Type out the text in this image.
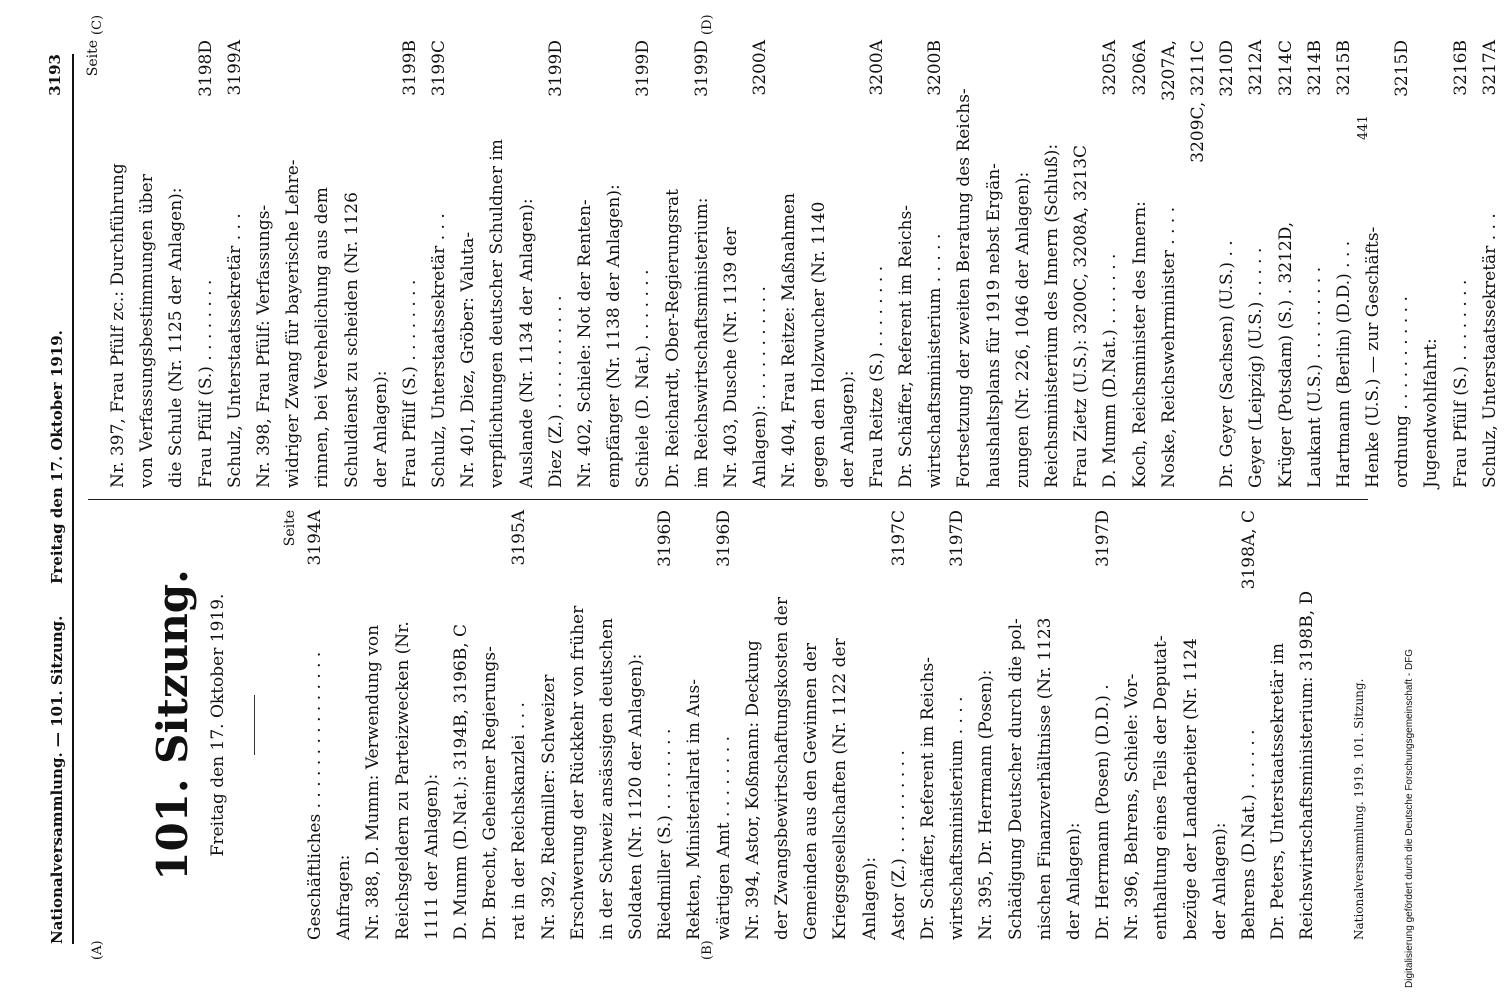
Nationalversammlung. — 101. Sitzung.
Freitag den 17. Oktober 1919.
3193
(A)	(B)
(C)	(D)
101. Sitzung. Freitag den 17. Oktober 1919.
Seite
Geschäftliches . . . . . . . . . . . . . . .
3194A
Anfragen: Nr. 388, D. Mumm: Verwendung von Reichsgeldern zu Parteizwecken (Nr. 1111 der Anlagen): D. Mumm (D.Nat.): 3194B, 3196B, C Dr. Brecht, Geheimer Regierungs- rat in der Reichskanzlei . . .
3195A
Nr. 392, Riedmiller: Schweizer Erschwerung der Rückkehr von früher in der Schweiz ansässigen deutschen Soldaten (Nr. 1120 der Anlagen): Riedmiller (S.) . . . . . . . .
3196D
Rekten, Ministerialrat im Aus- wärtigen Amt . . . . . . . .
3196D
Nr. 394, Astor, Koßmann: Deckung der Zwangsbewirtschaftungskosten der Gemeinden aus den Gewinnen der Kriegsgesellschaften (Nr. 1122 der Anlagen): Astor (Z.) . . . . . . . . . .
3197C
Dr. Schäffer, Referent im Reichs- wirtschaftsministerium . . . .
3197D
Nr. 395, Dr. Herrmann (Posen): Schädigung Deutscher durch die pol- nischen Finanzverhältnisse (Nr. 1123 der Anlagen): Dr. Herrmann (Posen) (D.D.) .
3197D
Nr. 396, Behrens, Schiele: Vor- enthaltung eines Teils der Deputat- bezüge der Landarbeiter (Nr. 1124 der Anlagen): Behrens (D.Nat.) . . . . . .
3198A, C
Dr. Peters, Unterstaatssekretär im Reichswirtschaftsministerium: 3198B, D
Seite
Nr. 397, Frau Pfülf zc.: Durchführung von Verfassungsbestimmungen über die Schule (Nr. 1125 der Anlagen): Frau Pfülf (S.) . . . . . . . .
3198D
Schulz, Unterstaatssekretär . . .
3199A
Nr. 398, Frau Pfülf: Verfassungs- widriger Zwang für bayerische Lehre- rinnen, bei Verehelichung aus dem Schuldienst zu scheiden (Nr. 1126 der Anlagen): Frau Pfülf (S.) . . . . . . . .
3199B
Schulz, Unterstaatssekretär . . .
3199C
Nr. 401, Diez, Gröber: Valuta- verpflichtungen deutscher Schuldner im Auslande (Nr. 1134 der Anlagen): Diez (Z.) . . . . . . . . . . .
3199D
Nr. 402, Schiele: Not der Renten- empfänger (Nr. 1138 der Anlagen): Schiele (D. Nat.) . . . . . . .
3199D
Dr. Reichardt, Ober-Regierungsrat im Reichswirtschaftsministerium:
3199D
Nr. 403, Dusche (Nr. 1139 der Anlagen): . . . . . . . . . . .
3200A
Nr. 404, Frau Reitze: Maßnahmen gegen den Holzwucher (Nr. 1140 der Anlagen): Frau Reitze (S.) . . . . . . . .
3200A
Dr. Schäffer, Referent im Reichs- wirtschaftsministerium . . . . .
3200B
Fortsetzung der zweiten Beratung des Reichs- haushaltsplans für 1919 nebst Ergän- zungen (Nr. 226, 1046 der Anlagen): Reichsministerium des Innern (Schluß): Frau Zietz (U.S.): 3200C, 3208A, 3213C D. Mumm (D.Nat.) . . . . . . .
3205A
Koch, Reichsminister des Innern:
3206A
Noske, Reichswehrminister . . . .
3207A, 3209C, 3211C
Dr. Geyer (Sachsen) (U.S.) . .
3210D
Geyer (Leipzig) (U.S.) . . . . .
3212A
Krüger (Potsdam) (S.) . 3212D,
3214C
Laukant (U.S.) . . . . . . . . .
3214B
Hartmann (Berlin) (D.D.) . . .
3215B
Henke (U.S.) — zur Geschäfts- ordnung . . . . . . . . . . .
3215D
Jugendwohlfahrt: Frau Pfülf (S.) . . . . . . . .
3216B
Schulz, Unterstaatssekretär . . .
3217A
Nationalversammlung. 1919. 101. Sitzung.
441
Digitalisierung gefördert durch die Deutsche Forschungsgemeinschaft - DFG
